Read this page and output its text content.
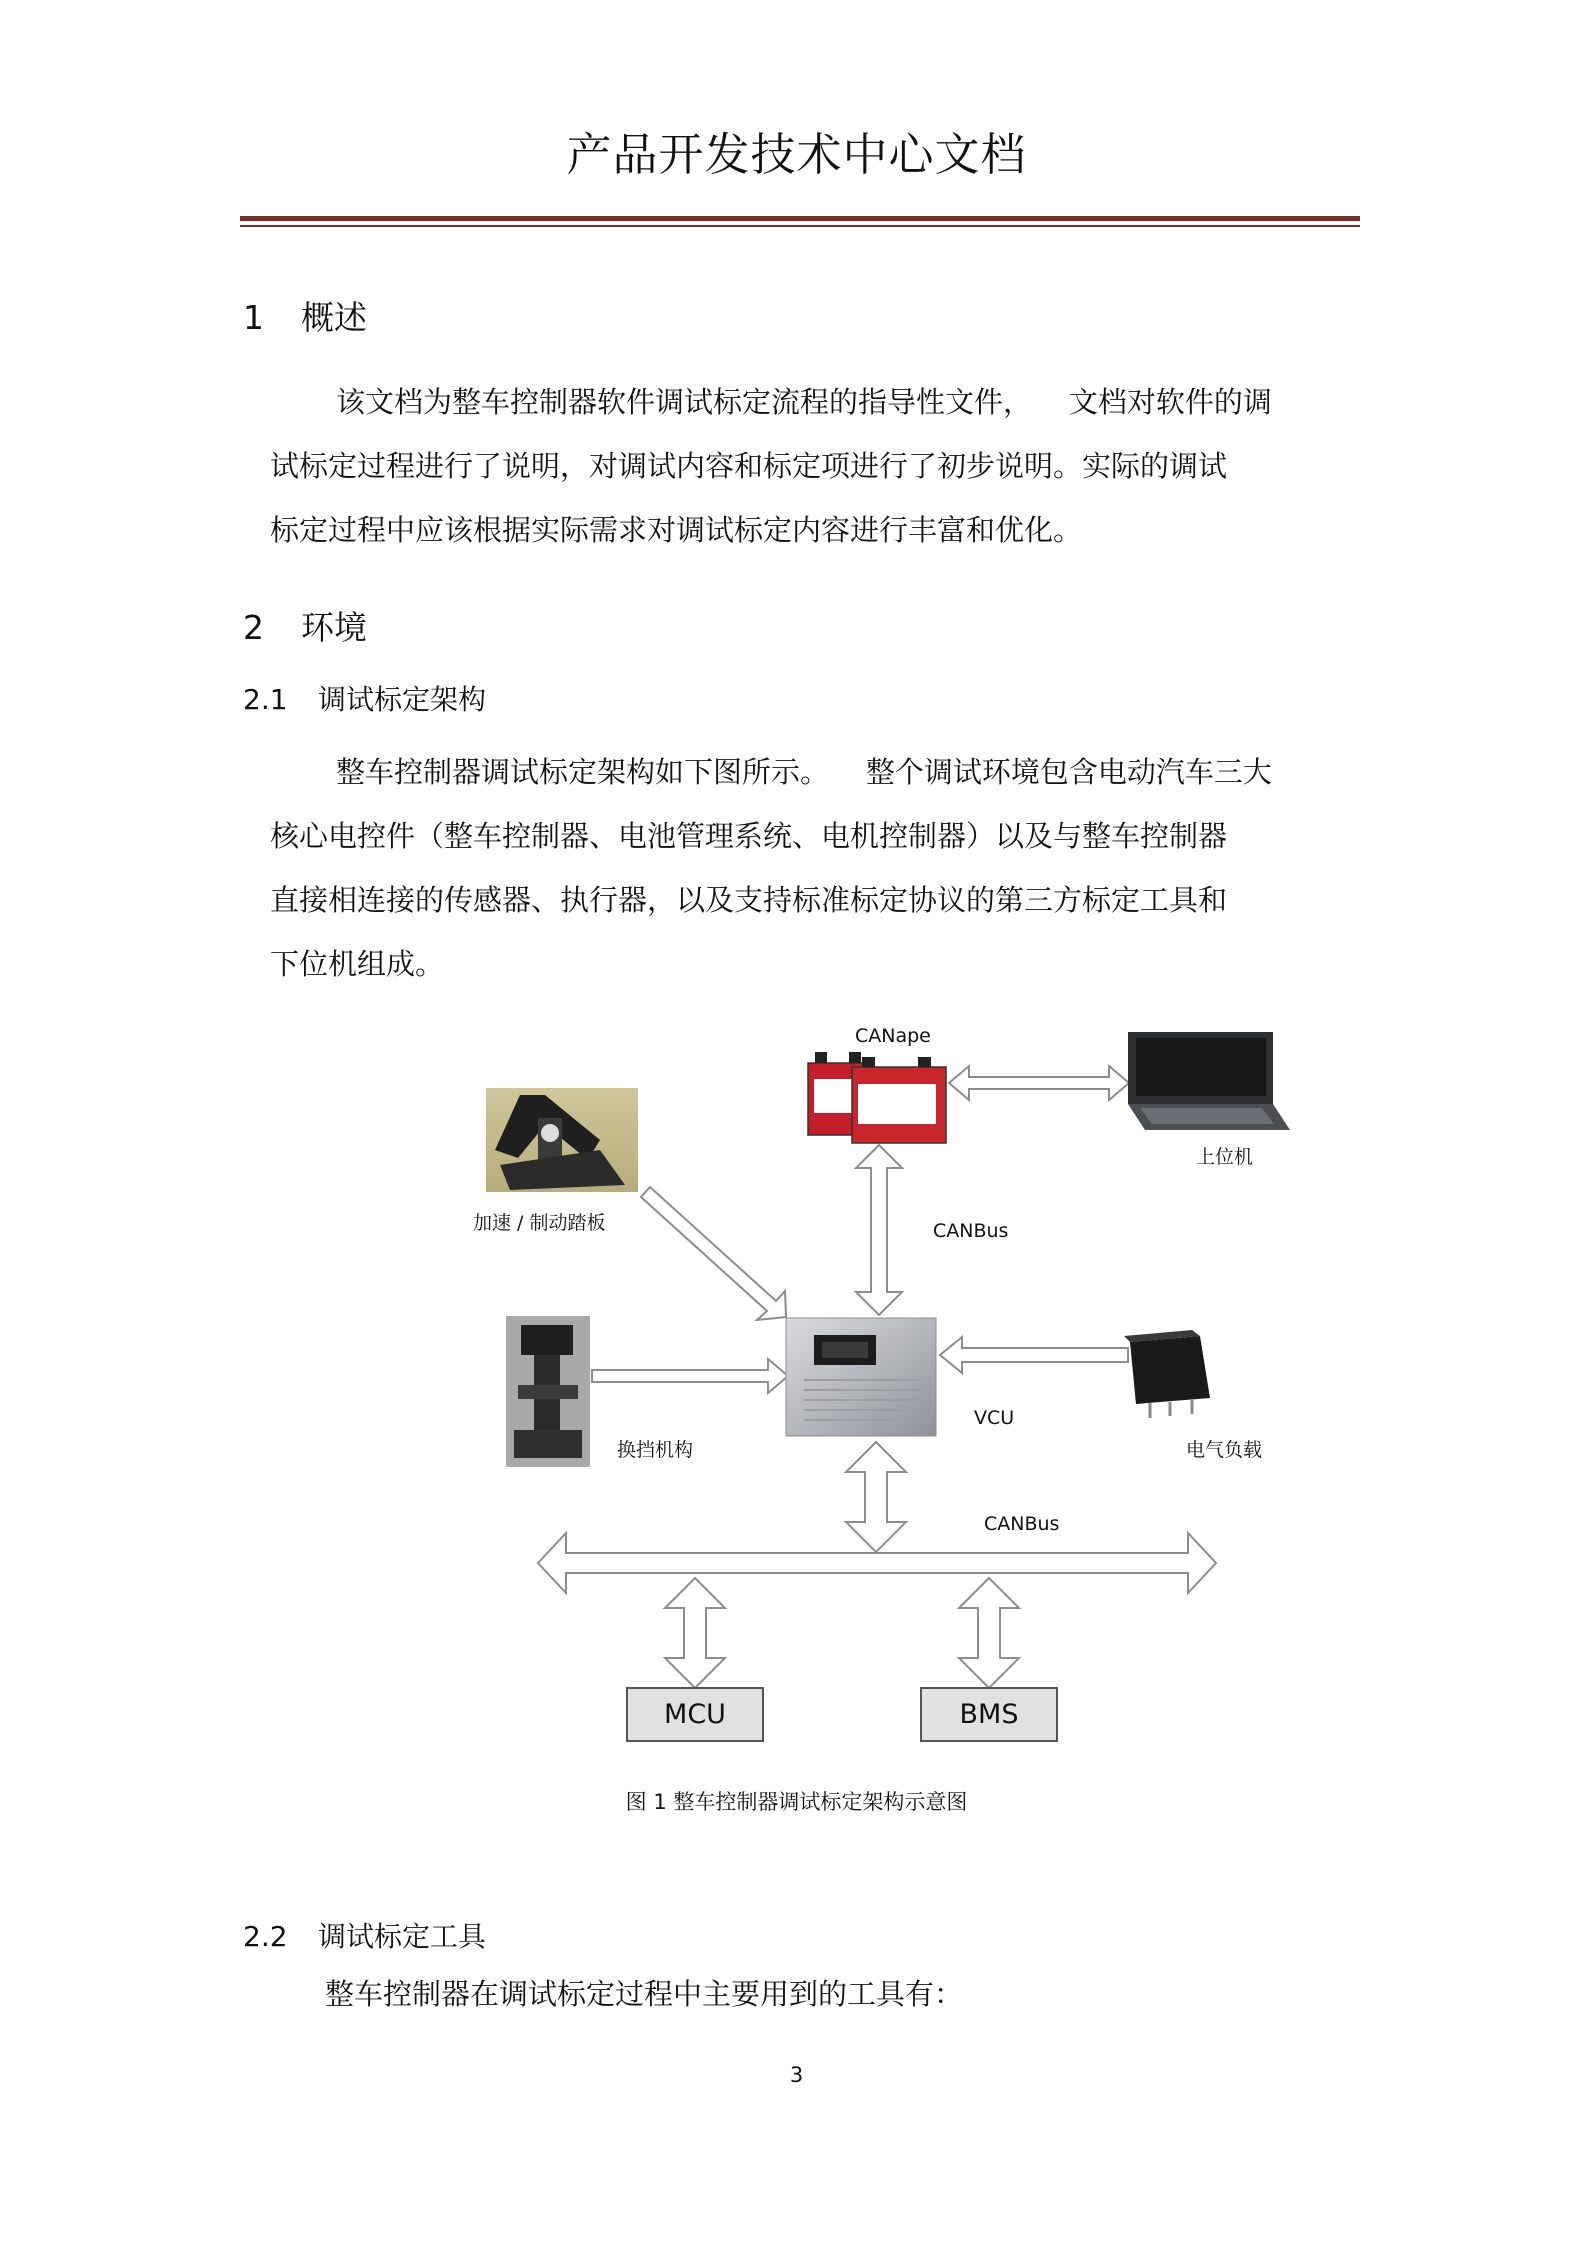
产品开发技术中心文档
1 概述
该文档为整车控制器软件调试标定流程的指导性文件，    文档对软件的调
试标定过程进行了说明，对调试内容和标定项进行了初步说明。实际的调试
标定过程中应该根据实际需求对调试标定内容进行丰富和优化。
2 环境
2.1 调试标定架构
整车控制器调试标定架构如下图所示。    整个调试环境包含电动汽车三大
核心电控件（整车控制器、电池管理系统、电机控制器）以及与整车控制器
直接相连接的传感器、执行器，以及支持标准标定协议的第三方标定工具和
下位机组成。
CANape
上位机
加速 / 制动踏板	CANBus
换挡机构
VCU
电气负载
CANBus
MCU	BMS
图 1 整车控制器调试标定架构示意图
2.2 调试标定工具
整车控制器在调试标定过程中主要用到的工具有：
3
